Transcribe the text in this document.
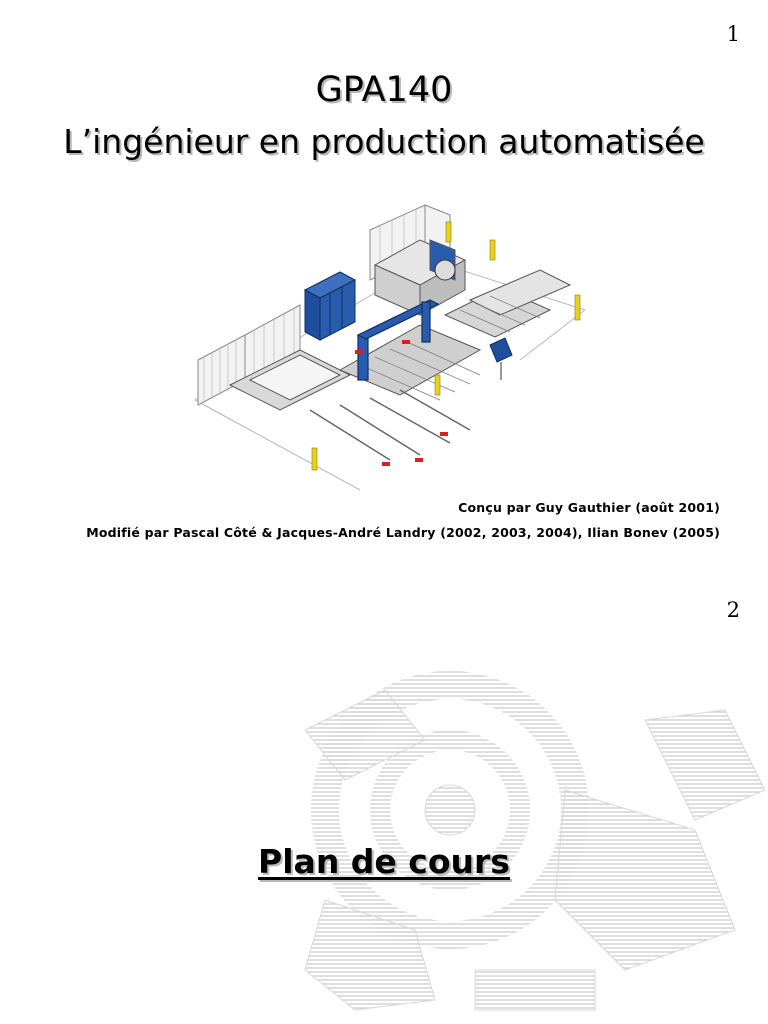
1
GPA140
L’ingénieur en production automatisée
Conçu par Guy Gauthier (août 2001)
Modifié par Pascal Côté & Jacques-André Landry (2002, 2003, 2004), Ilian Bonev (2005)
2
Plan de cours
